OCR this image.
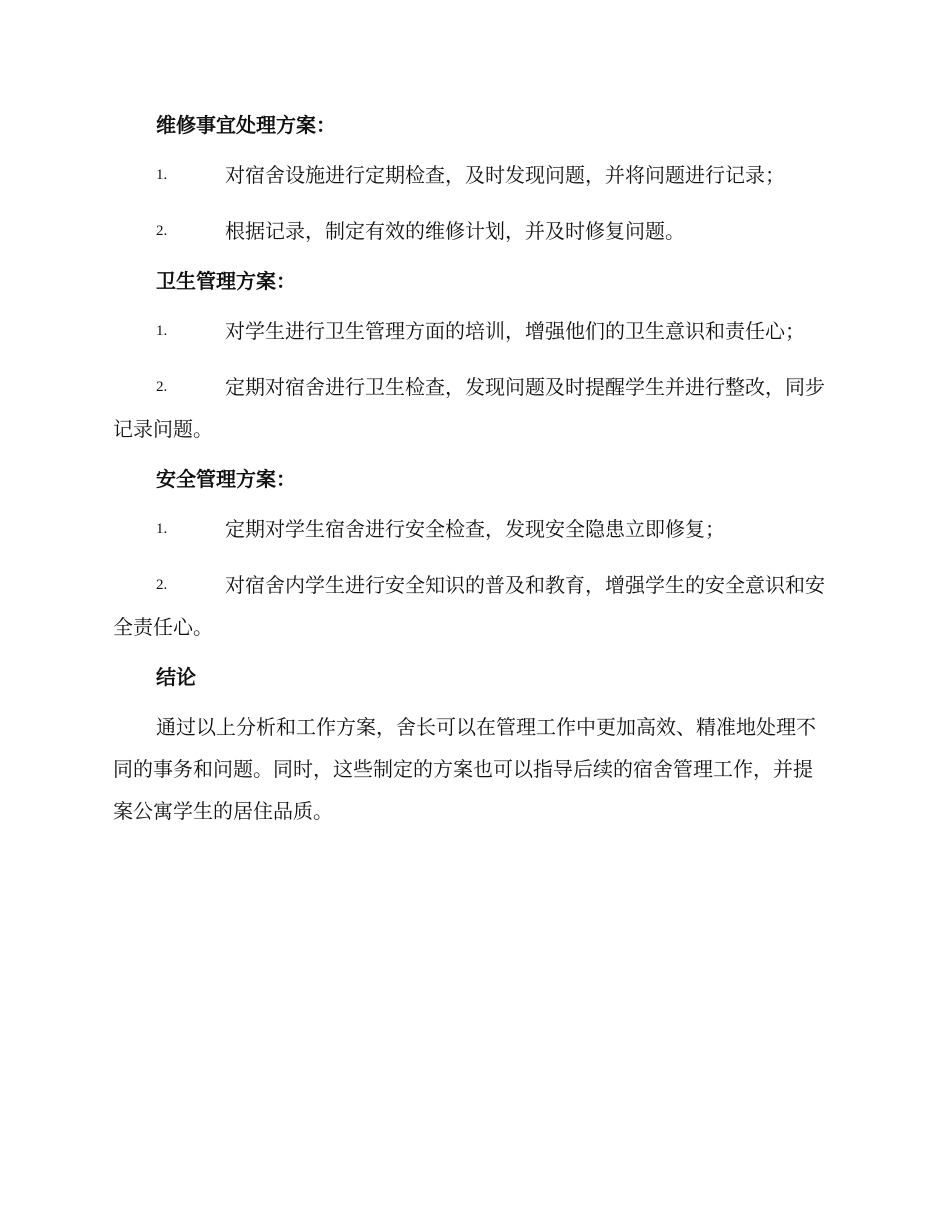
维修事宜处理方案：

1.	对宿舍设施进行定期检查，及时发现问题，并将问题进行记录；

2.	根据记录，制定有效的维修计划，并及时修复问题。

卫生管理方案：

1.	对学生进行卫生管理方面的培训，增强他们的卫生意识和责任心；

2.	定期对宿舍进行卫生检查，发现问题及时提醒学生并进行整改，同步记录问题。

安全管理方案：

1.	定期对学生宿舍进行安全检查，发现安全隐患立即修复；

2.	对宿舍内学生进行安全知识的普及和教育，增强学生的安全意识和安全责任心。

结论

通过以上分析和工作方案，舍长可以在管理工作中更加高效、精准地处理不同的事务和问题。同时，这些制定的方案也可以指导后续的宿舍管理工作，并提案公寓学生的居住品质。
